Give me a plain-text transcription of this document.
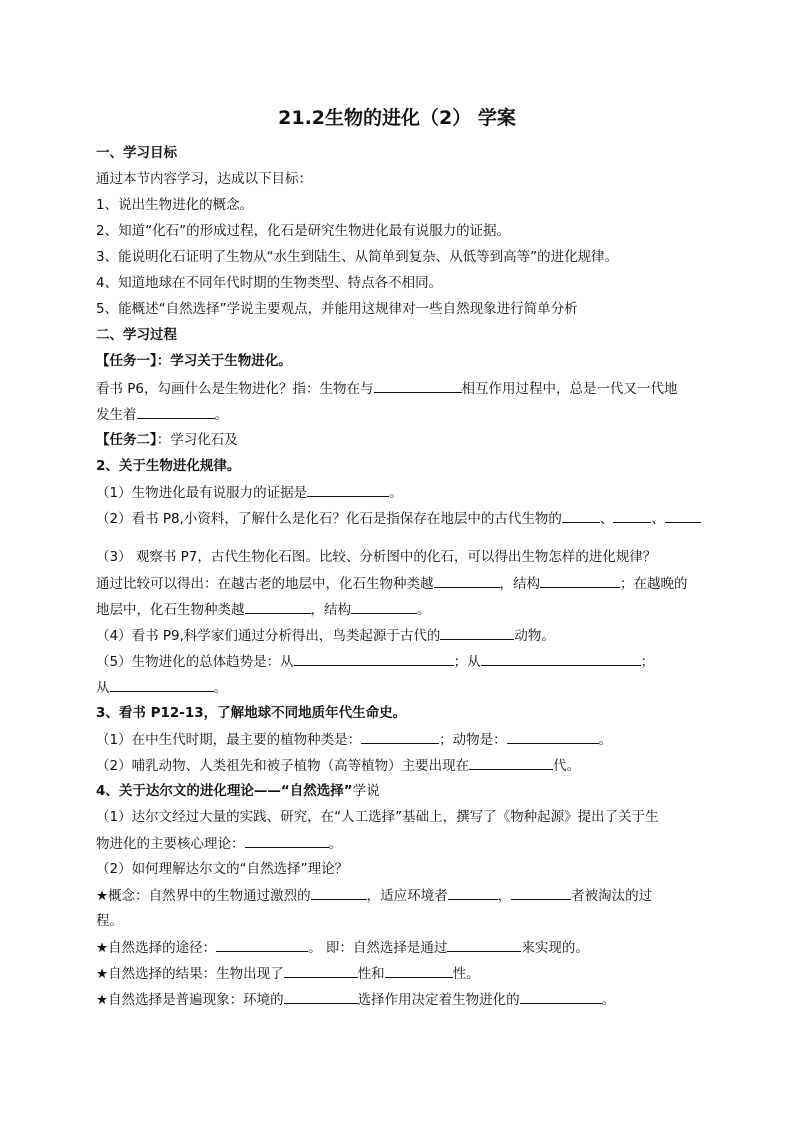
21.2生物的进化（2） 学案
一、学习目标
通过本节内容学习，达成以下目标：
1、说出生物进化的概念。
2、知道“化石”的形成过程，化石是研究生物进化最有说服力的证据。
3、能说明化石证明了生物从“水生到陆生、从简单到复杂、从低等到高等”的进化规律。
4、知道地球在不同年代时期的生物类型、特点各不相同。
5、能概述“自然选择”学说主要观点，并能用这规律对一些自然现象进行简单分析
二、学习过程
【任务一】：学习关于生物进化。
看书 P6，勾画什么是生物进化？指：生物在与	相互作用过程中，总是一代又一代地
发生着	。
【任务二】：学习化石及
2、关于生物进化规律。
（1）生物进化最有说服力的证据是	。
（2）看书 P8,小资料，了解什么是化石？化石是指保存在地层中的古代生物的	、	、
（3） 观察书 P7，古代生物化石图。比较、分析图中的化石，可以得出生物怎样的进化规律？
通过比较可以得出：在越古老的地层中，化石生物种类越	，结构	；在越晚的
地层中，化石生物种类越	，结构	。
（4）看书 P9,科学家们通过分析得出，鸟类起源于古代的	动物。
（5）生物进化的总体趋势是：从	；从	；
从	。
3、看书 P12-13，了解地球不同地质年代生命史。
（1）在中生代时期，最主要的植物种类是：	；动物是：	。
（2）哺乳动物、人类祖先和被子植物（高等植物）主要出现在	代。
4、关于达尔文的进化理论——“自然选择”学说
（1）达尔文经过大量的实践、研究，在“人工选择”基础上，撰写了《物种起源》提出了关于生
物进化的主要核心理论：	。
（2）如何理解达尔文的“自然选择”理论？
★概念：自然界中的生物通过激烈的	，适应环境者	，	者被淘汰的过
程。
★自然选择的途径：	。 即：自然选择是通过	来实现的。
★自然选择的结果：生物出现了	性和	性。
★自然选择是普遍现象：环境的	选择作用决定着生物进化的	。
